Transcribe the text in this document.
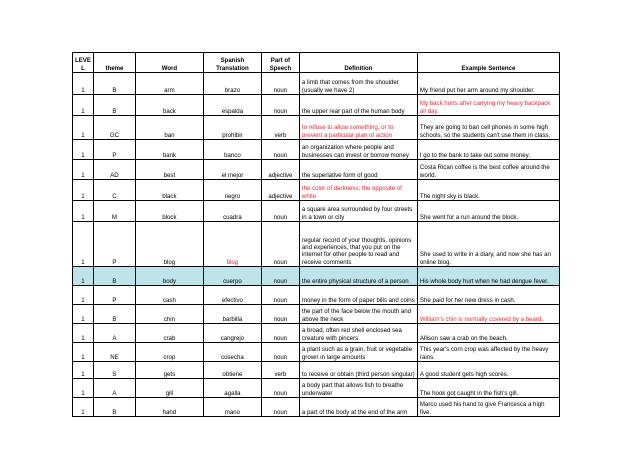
LEVE L	theme	Word	Spanish Translation	Part of Speech	Definition	Example Sentence
1	B	arm	brazo	noun	a limb that comes from the shoulder (usually we have 2)	My friend put her arm around my shoulder.
1	B	back	espalda	noun	the upper rear part of the human body	My back hurts after carrying my heavy backpack all day.
1	GC	ban	prohibir	verb	to refuse to allow something, or to prevent a particular plan of action	They are going to ban cell phones in some high schools, so the students can't use them in class.
1	P	bank	banco	noun	an organization where people and businesses can invest or borrow money	I go to the bank to take out some money.
1	AD	best	el mejor	adjective	the superlative form of good	Costa Rican coffee is the best coffee around the world.
1	C	black	negro	adjective	the color of darkness; the opposite of white	The night sky is black.
1	M	block	cuadra	noun	a square area surrounded by four streets in a town or city	She went for a run around the block.
1	P	blog	blog	noun	regular record of your thoughts, opinions and experiences, that you put on the internet for other people to read and receive comments	She used to write in a diary, and now she has an online blog.
1	B	body	cuerpo	noun	the entire physical structure of a person	His whole body hurt when he had dengue fever.
1	P	cash	efectivo	noun	money in the form of paper bills and coins	She paid for her new dress in cash.
1	B	chin	barbilla	noun	the part of the face below the mouth and above the neck	William's chin is normally covered by a beard.
1	A	crab	cangrejo	noun	a broad, often red shell enclosed sea creature with pincers	Allison saw a crab on the beach.
1	NE	crop	cosecha	noun	a plant such as a grain, fruit or vegetable grown in large amounts	This year's corn crop was affected by the heavy rains.
1	S	gets	obtiene	verb	to receive or obtain (third person singular)	A good student gets high scores.
1	A	gill	agalla	noun	a body part that allows fish to breathe underwater	The hook got caught in the fish's gill.
1	B	hand	mano	noun	a part of the body at the end of the arm	Marco used his hand to give Francesca a high five.
